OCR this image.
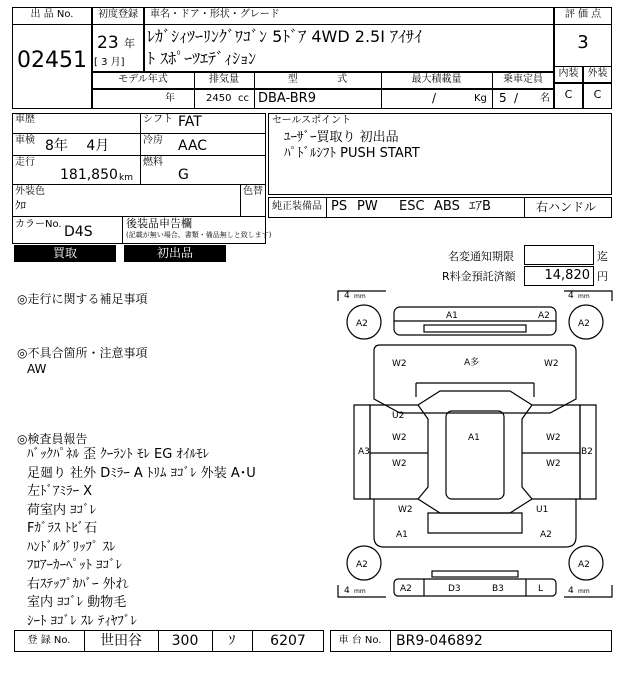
出 品 No.
02451
初度登録
23 年
[ 3 月]
車名・ドア・形状・グレード
ﾚｶﾞｼｨﾂｰﾘﾝｸﾞﾜｺﾞﾝ 5ﾄﾞｱ 4WD 2.5I ｱｲｻｲ
ﾄ ｽﾎﾟｰﾂｴﾃﾞｨｼｮﾝ
評 価 点
3
内装 外装
C	C
モデル年式	排気量	型 式	最大積載量	乗車定員
年	2450 cc DBA-BR9	/	Kg 5 / 名
車歴	シフト FAT
車検 8年 4月	冷房 AAC
走行
181,850 km
燃料
G
外装色
ｸﾛ
色替
カラーNo. D4S
後装品申告欄
(記載が無い場合、書類・備品無しと致します)
セールスポイント
ﾕｰｻﾞｰ買取り 初出品
ﾊﾟﾄﾞﾙｼﾌﾄ PUSH START
純正装備品 PS PW ESC ABS ｴｱB	右ハンドル
買取	初出品	名変通知期限	迄
R料金預託済額	14,820 円
◎走行に関する補足事項
◎不具合箇所・注意事項
AW
◎検査員報告
ﾊﾞｯｸﾊﾟﾈﾙ 歪 ｸｰﾗﾝﾄ ﾓﾚ EG ｵｲﾙﾓﾚ
足廻り 社外 Dﾐﾗｰ A ﾄﾘﾑ ﾖｺﾞﾚ 外装 A･U
左ﾄﾞｱﾐﾗｰ X
荷室内 ﾖｺﾞﾚ
Fｶﾞﾗｽ ﾄﾋﾞ石
ﾊﾝﾄﾞﾙｸﾞﾘｯﾌﾟ ｽﾚ
ﾌﾛｱｰｶｰﾍﾟｯﾄ ﾖｺﾞﾚ
右ｽﾃｯﾌﾟｶﾊﾞｰ 外れ
室内 ﾖｺﾞﾚ 動物毛
ｼｰﾄ ﾖｺﾞﾚ ｽﾚ ﾃｨﾔﾌﾞﾚ
4 mm	4 mm
4 mm	4 mm
A2	A2
A2	A2
A1	A2
A多
W2	W2
U2
W2
W2
A3
A1	W2
W2
B2
W2
A1
U1
A2
A2	D3	B3	L
登 録 No.	世田谷	300	ｿ	6207	車 台 No.	BR9-046892
